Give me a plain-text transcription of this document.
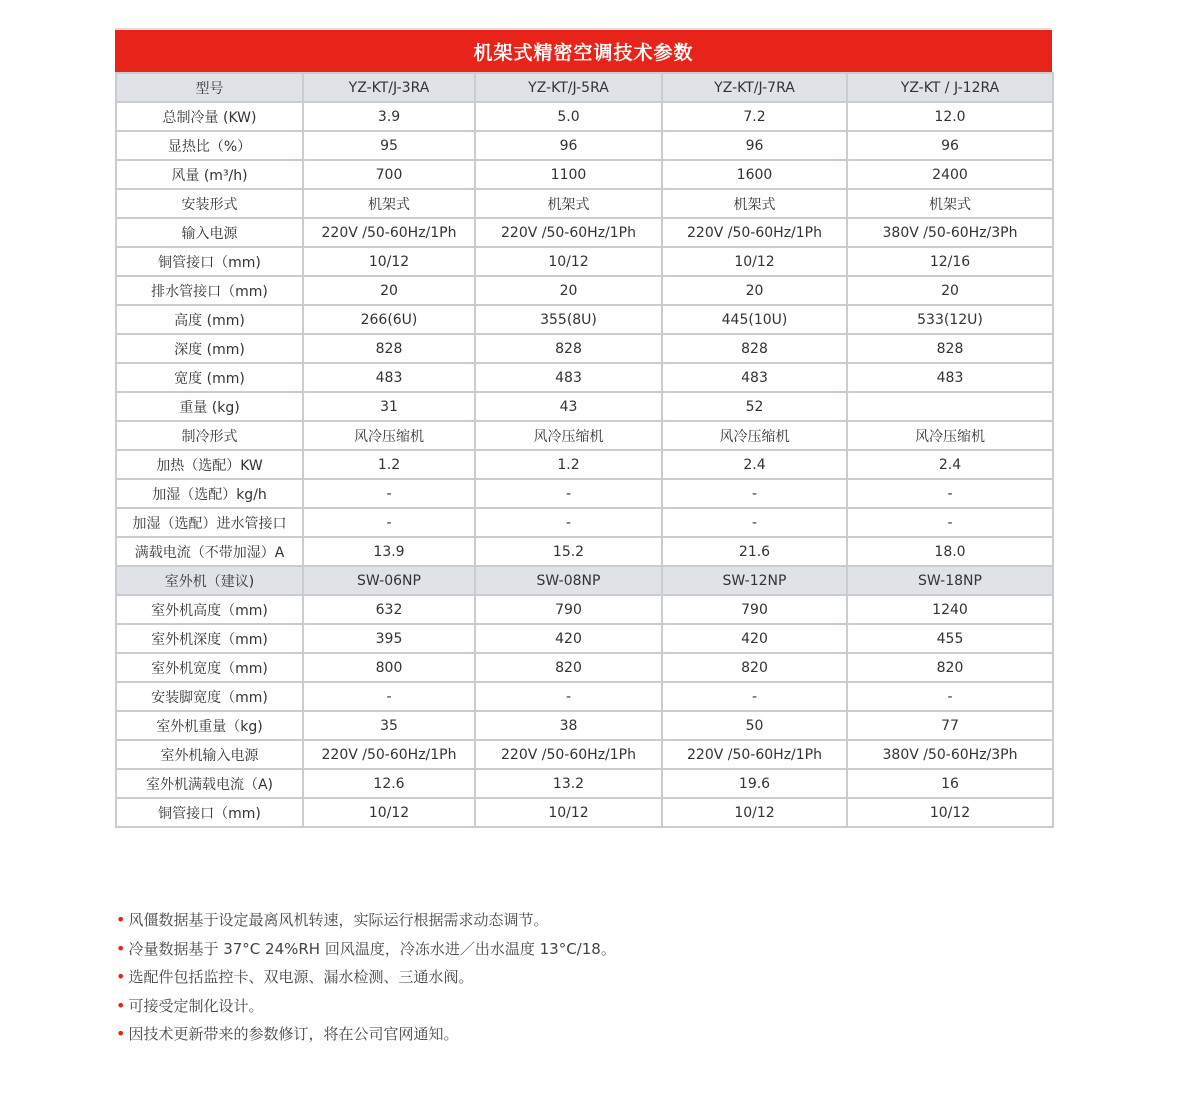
机架式精密空调技术参数
型号	YZ-KT/J-3RA	YZ-KT/J-5RA	YZ-KT/J-7RA	YZ-KT / J-12RA
总制冷量 (KW)	3.9	5.0	7.2	12.0
显热比（%）	95	96	96	96
风量 (m³/h)	700	1100	1600	2400
安装形式	机架式	机架式	机架式	机架式
输入电源	220V /50-60Hz/1Ph	220V /50-60Hz/1Ph	220V /50-60Hz/1Ph	380V /50-60Hz/3Ph
铜管接口（mm)	10/12	10/12	10/12	12/16
排水管接口（mm)	20	20	20	20
高度 (mm)	266(6U)	355(8U)	445(10U)	533(12U)
深度 (mm)	828	828	828	828
宽度 (mm)	483	483	483	483
重量 (kg)	31	43	52	
制冷形式	风冷压缩机	风冷压缩机	风冷压缩机	风冷压缩机
加热（选配）KW	1.2	1.2	2.4	2.4
加湿（选配）kg/h	-	-	-	-
加湿（选配）进水管接口	-	-	-	-
满载电流（不带加湿）A	13.9	15.2	21.6	18.0
室外机（建议)	SW-06NP	SW-08NP	SW-12NP	SW-18NP
室外机高度（mm)	632	790	790	1240
室外机深度（mm)	395	420	420	455
室外机宽度（mm)	800	820	820	820
安装脚宽度（mm)	-	-	-	-
室外机重量（kg)	35	38	50	77
室外机输入电源	220V /50-60Hz/1Ph	220V /50-60Hz/1Ph	220V /50-60Hz/1Ph	380V /50-60Hz/3Ph
室外机满载电流（A)	12.6	13.2	19.6	16
铜管接口（mm)	10/12	10/12	10/12	10/12
• 风僵数据基于设定最离风机转速，实际运行根据需求动态调节。
• 冷量数据基于 37°C 24%RH 回风温度，冷冻水进／出水温度 13°C/18。
• 选配件包括监控卡、双电源、漏水检测、三通水阀。
• 可接受定制化设计。
• 因技术更新带来的参数修订，将在公司官网通知。
